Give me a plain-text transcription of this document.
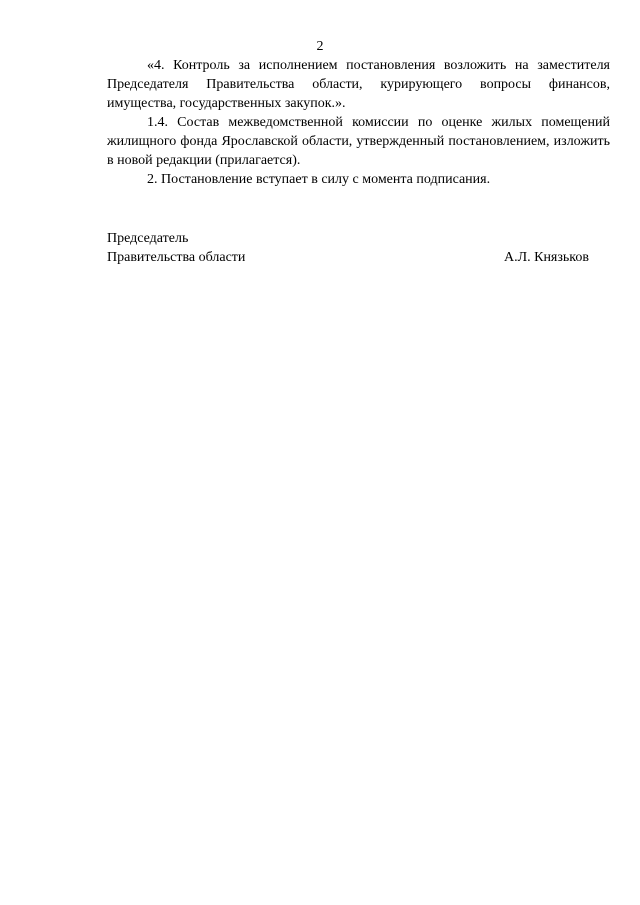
2

«4. Контроль за исполнением постановления возложить на заместителя Председателя Правительства области, курирующего вопросы финансов, имущества, государственных закупок.».

1.4. Состав межведомственной комиссии по оценке жилых помещений жилищного фонда Ярославской области, утвержденный постановлением, изложить в новой редакции (прилагается).

2. Постановление вступает в силу с момента подписания.

Председатель
Правительства области	А.Л. Князьков
